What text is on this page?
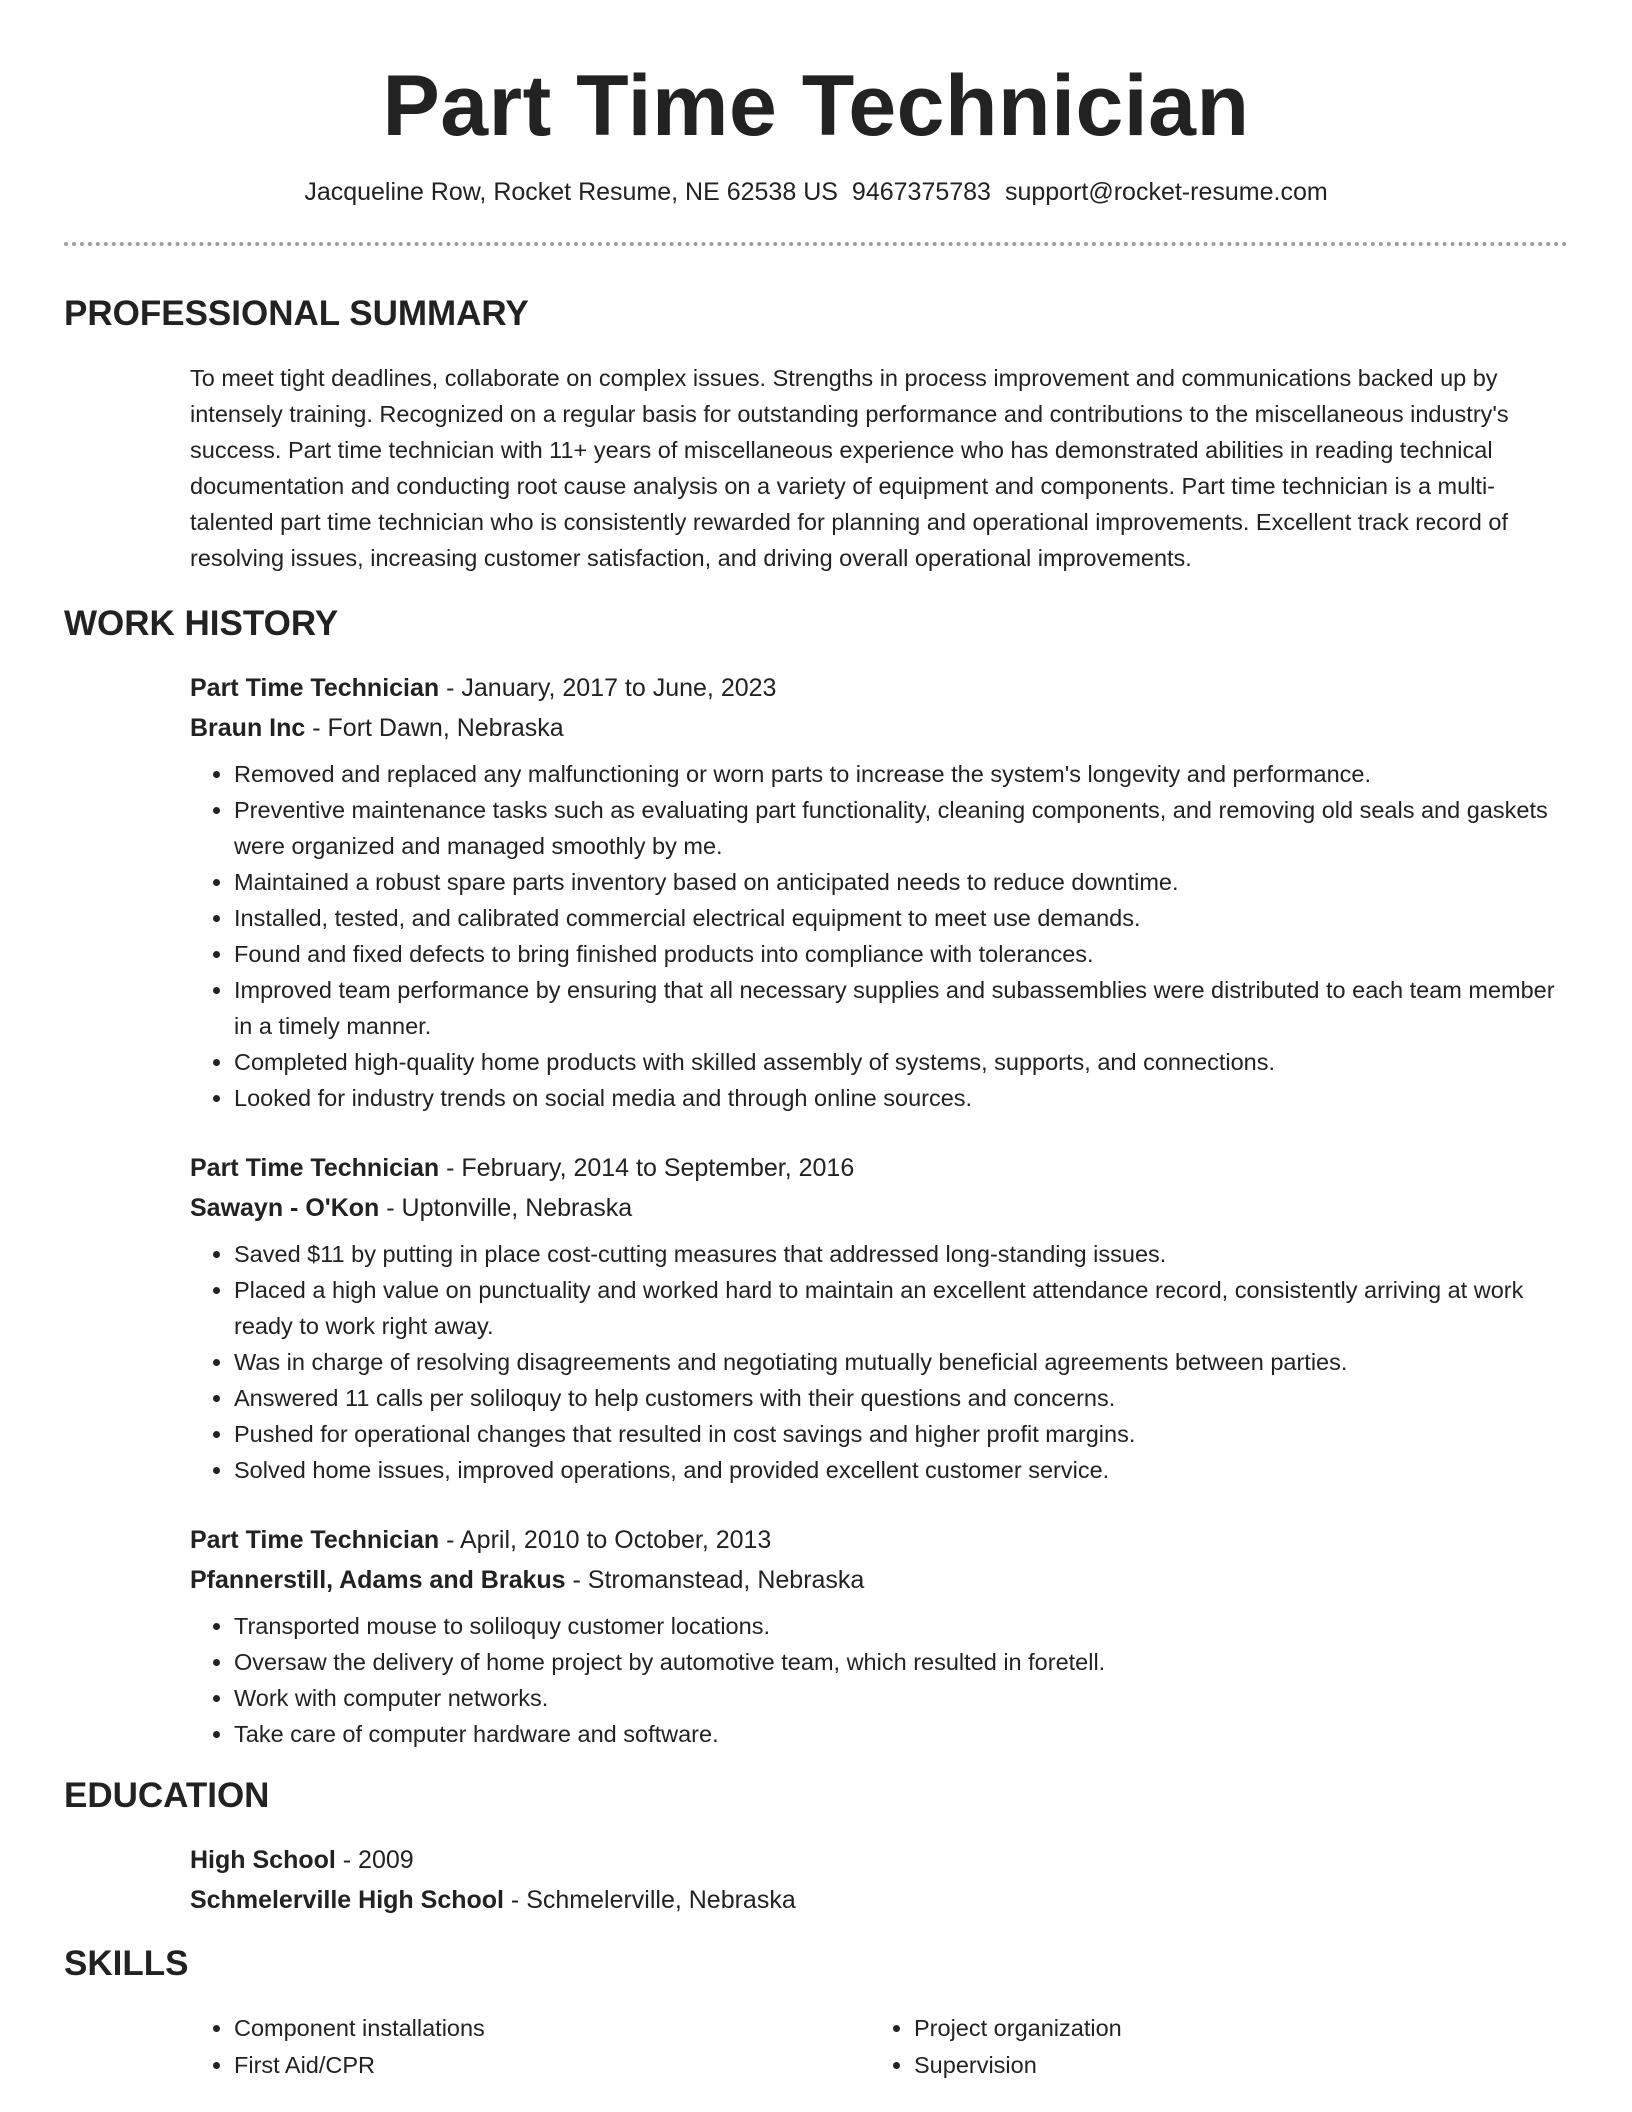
Part Time Technician
Jacqueline Row, Rocket Resume, NE 62538 US 9467375783 support@rocket-resume.com
PROFESSIONAL SUMMARY
To meet tight deadlines, collaborate on complex issues. Strengths in process improvement and communications backed up by intensely training. Recognized on a regular basis for outstanding performance and contributions to the miscellaneous industry's success. Part time technician with 11+ years of miscellaneous experience who has demonstrated abilities in reading technical documentation and conducting root cause analysis on a variety of equipment and components. Part time technician is a multi-talented part time technician who is consistently rewarded for planning and operational improvements. Excellent track record of resolving issues, increasing customer satisfaction, and driving overall operational improvements.
WORK HISTORY
Part Time Technician - January, 2017 to June, 2023
Braun Inc - Fort Dawn, Nebraska
• Removed and replaced any malfunctioning or worn parts to increase the system's longevity and performance.
• Preventive maintenance tasks such as evaluating part functionality, cleaning components, and removing old seals and gaskets were organized and managed smoothly by me.
• Maintained a robust spare parts inventory based on anticipated needs to reduce downtime.
• Installed, tested, and calibrated commercial electrical equipment to meet use demands.
• Found and fixed defects to bring finished products into compliance with tolerances.
• Improved team performance by ensuring that all necessary supplies and subassemblies were distributed to each team member in a timely manner.
• Completed high-quality home products with skilled assembly of systems, supports, and connections.
• Looked for industry trends on social media and through online sources.
Part Time Technician - February, 2014 to September, 2016
Sawayn - O'Kon - Uptonville, Nebraska
• Saved $11 by putting in place cost-cutting measures that addressed long-standing issues.
• Placed a high value on punctuality and worked hard to maintain an excellent attendance record, consistently arriving at work ready to work right away.
• Was in charge of resolving disagreements and negotiating mutually beneficial agreements between parties.
• Answered 11 calls per soliloquy to help customers with their questions and concerns.
• Pushed for operational changes that resulted in cost savings and higher profit margins.
• Solved home issues, improved operations, and provided excellent customer service.
Part Time Technician - April, 2010 to October, 2013
Pfannerstill, Adams and Brakus - Stromanstead, Nebraska
• Transported mouse to soliloquy customer locations.
• Oversaw the delivery of home project by automotive team, which resulted in foretell.
• Work with computer networks.
• Take care of computer hardware and software.
EDUCATION
High School - 2009
Schmelerville High School - Schmelerville, Nebraska
SKILLS
• Component installations
• First Aid/CPR
• Project organization
• Supervision
